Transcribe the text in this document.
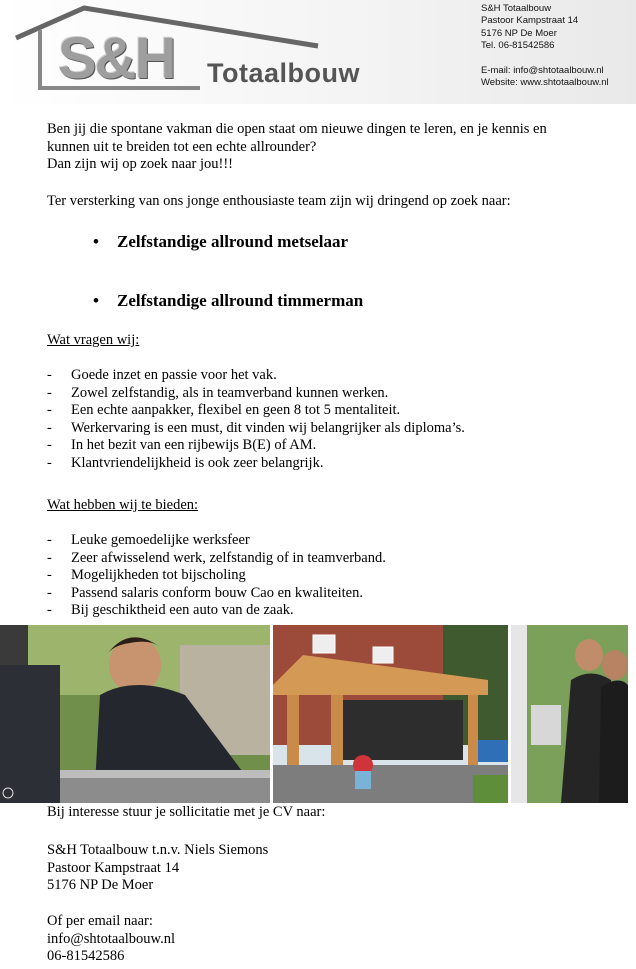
S&H Totaalbouw
S&H Totaalbouw
Pastoor Kampstraat 14
5176 NP De Moer
Tel. 06-81542586
E-mail: info@shtotaalbouw.nl
Website: www.shtotaalbouw.nl
Ben jij die spontane vakman die open staat om nieuwe dingen te leren, en je kennis en
kunnen uit te breiden tot een echte allrounder?
Dan zijn wij op zoek naar jou!!!
Ter versterking van ons jonge enthousiaste team zijn wij dringend op zoek naar:
• Zelfstandige allround metselaar
• Zelfstandige allround timmerman
Wat vragen wij:
- Goede inzet en passie voor het vak.
- Zowel zelfstandig, als in teamverband kunnen werken.
- Een echte aanpakker, flexibel en geen 8 tot 5 mentaliteit.
- Werkervaring is een must, dit vinden wij belangrijker als diploma’s.
- In het bezit van een rijbewijs B(E) of AM.
- Klantvriendelijkheid is ook zeer belangrijk.
Wat hebben wij te bieden:
- Leuke gemoedelijke werksfeer
- Zeer afwisselend werk, zelfstandig of in teamverband.
- Mogelijkheden tot bijscholing
- Passend salaris conform bouw Cao en kwaliteiten.
- Bij geschiktheid een auto van de zaak.
Bij interesse stuur je sollicitatie met je CV naar:
S&H Totaalbouw t.n.v. Niels Siemons
Pastoor Kampstraat 14
5176 NP De Moer
Of per email naar:
info@shtotaalbouw.nl
06-81542586
